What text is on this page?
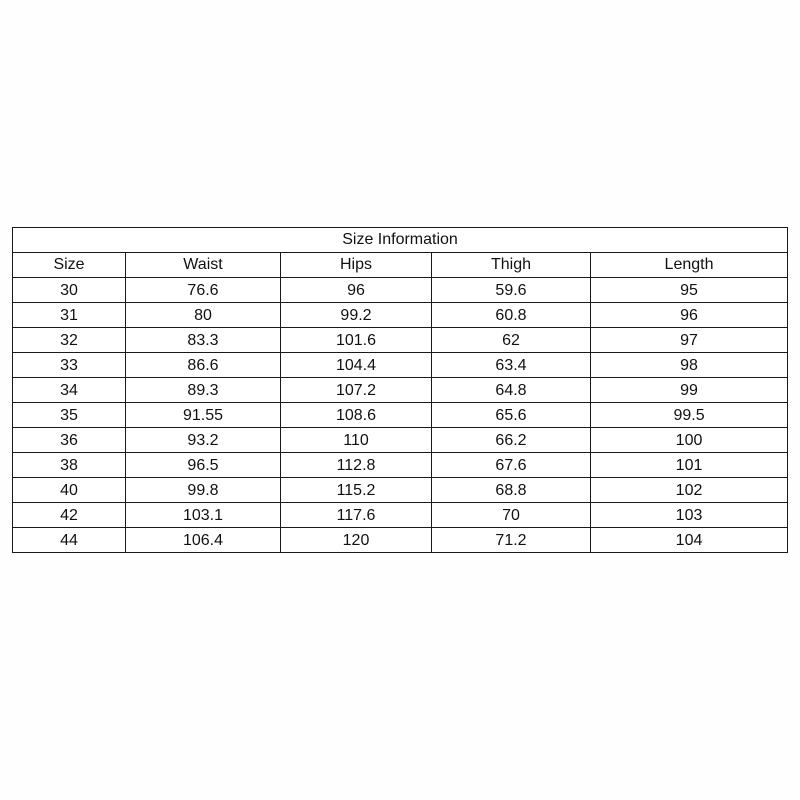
Size Information				
Size	Waist	Hips	Thigh	Length
30	76.6	96	59.6	95
31	80	99.2	60.8	96
32	83.3	101.6	62	97
33	86.6	104.4	63.4	98
34	89.3	107.2	64.8	99
35	91.55	108.6	65.6	99.5
36	93.2	110	66.2	100
38	96.5	112.8	67.6	101
40	99.8	115.2	68.8	102
42	103.1	117.6	70	103
44	106.4	120	71.2	104
